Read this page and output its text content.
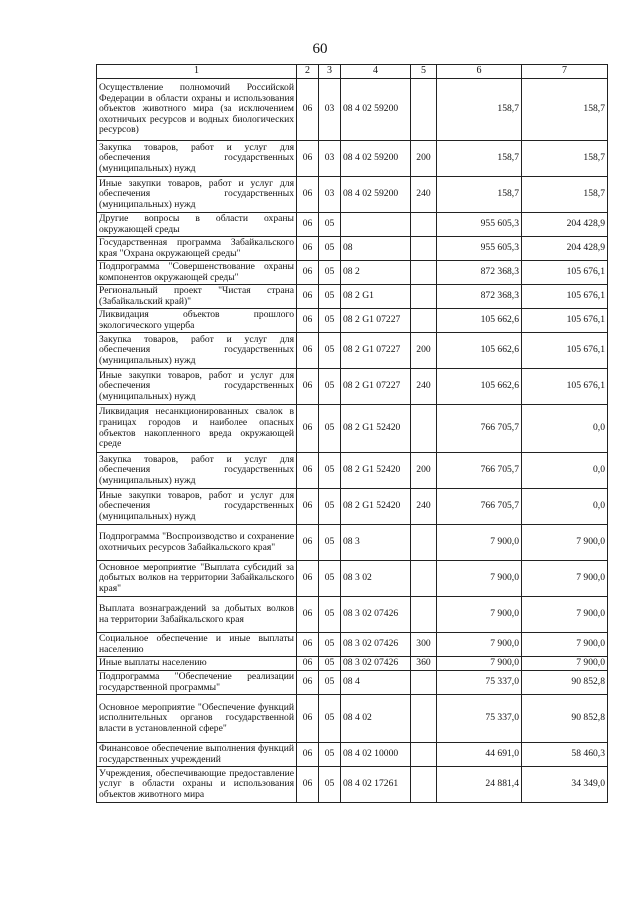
60
1	2	3	4	5	6	7
Осуществление полномочий Российской Федерации в области охраны и использования объектов животного мира (за исключением охотничьих ресурсов и водных биологических ресурсов)	06	03	08 4 02 59200		158,7	158,7
Закупка товаров, работ и услуг для обеспечения государственных (муниципальных) нужд	06	03	08 4 02 59200	200	158,7	158,7
Иные закупки товаров, работ и услуг для обеспечения государственных (муниципальных) нужд	06	03	08 4 02 59200	240	158,7	158,7
Другие вопросы в области охраны окружающей среды	06	05			955 605,3	204 428,9
Государственная программа Забайкальского края "Охрана окружающей среды"	06	05	08		955 605,3	204 428,9
Подпрограмма "Совершенствование охраны компонентов окружающей среды"	06	05	08 2		872 368,3	105 676,1
Региональный проект "Чистая страна (Забайкальский край)"	06	05	08 2 G1		872 368,3	105 676,1
Ликвидация объектов прошлого экологического ущерба	06	05	08 2 G1 07227		105 662,6	105 676,1
Закупка товаров, работ и услуг для обеспечения государственных (муниципальных) нужд	06	05	08 2 G1 07227	200	105 662,6	105 676,1
Иные закупки товаров, работ и услуг для обеспечения государственных (муниципальных) нужд	06	05	08 2 G1 07227	240	105 662,6	105 676,1
Ликвидация несанкционированных свалок в границах городов и наиболее опасных объектов накопленного вреда окружающей среде	06	05	08 2 G1 52420		766 705,7	0,0
Закупка товаров, работ и услуг для обеспечения государственных (муниципальных) нужд	06	05	08 2 G1 52420	200	766 705,7	0,0
Иные закупки товаров, работ и услуг для обеспечения государственных (муниципальных) нужд	06	05	08 2 G1 52420	240	766 705,7	0,0
Подпрограмма "Воспроизводство и сохранение охотничьих ресурсов Забайкальского края"	06	05	08 3		7 900,0	7 900,0
Основное мероприятие "Выплата субсидий за добытых волков на территории Забайкальского края"	06	05	08 3 02		7 900,0	7 900,0
Выплата вознаграждений за добытых волков на территории Забайкальского края	06	05	08 3 02 07426		7 900,0	7 900,0
Социальное обеспечение и иные выплаты населению	06	05	08 3 02 07426	300	7 900,0	7 900,0
Иные выплаты населению	06	05	08 3 02 07426	360	7 900,0	7 900,0
Подпрограмма "Обеспечение реализации государственной программы"	06	05	08 4		75 337,0	90 852,8
Основное мероприятие "Обеспечение функций исполнительных органов государственной власти в установленной сфере"	06	05	08 4 02		75 337,0	90 852,8
Финансовое обеспечение выполнения функций государственных учреждений	06	05	08 4 02 10000		44 691,0	58 460,3
Учреждения, обеспечивающие предоставление услуг в области охраны и использования объектов животного мира	06	05	08 4 02 17261		24 881,4	34 349,0
